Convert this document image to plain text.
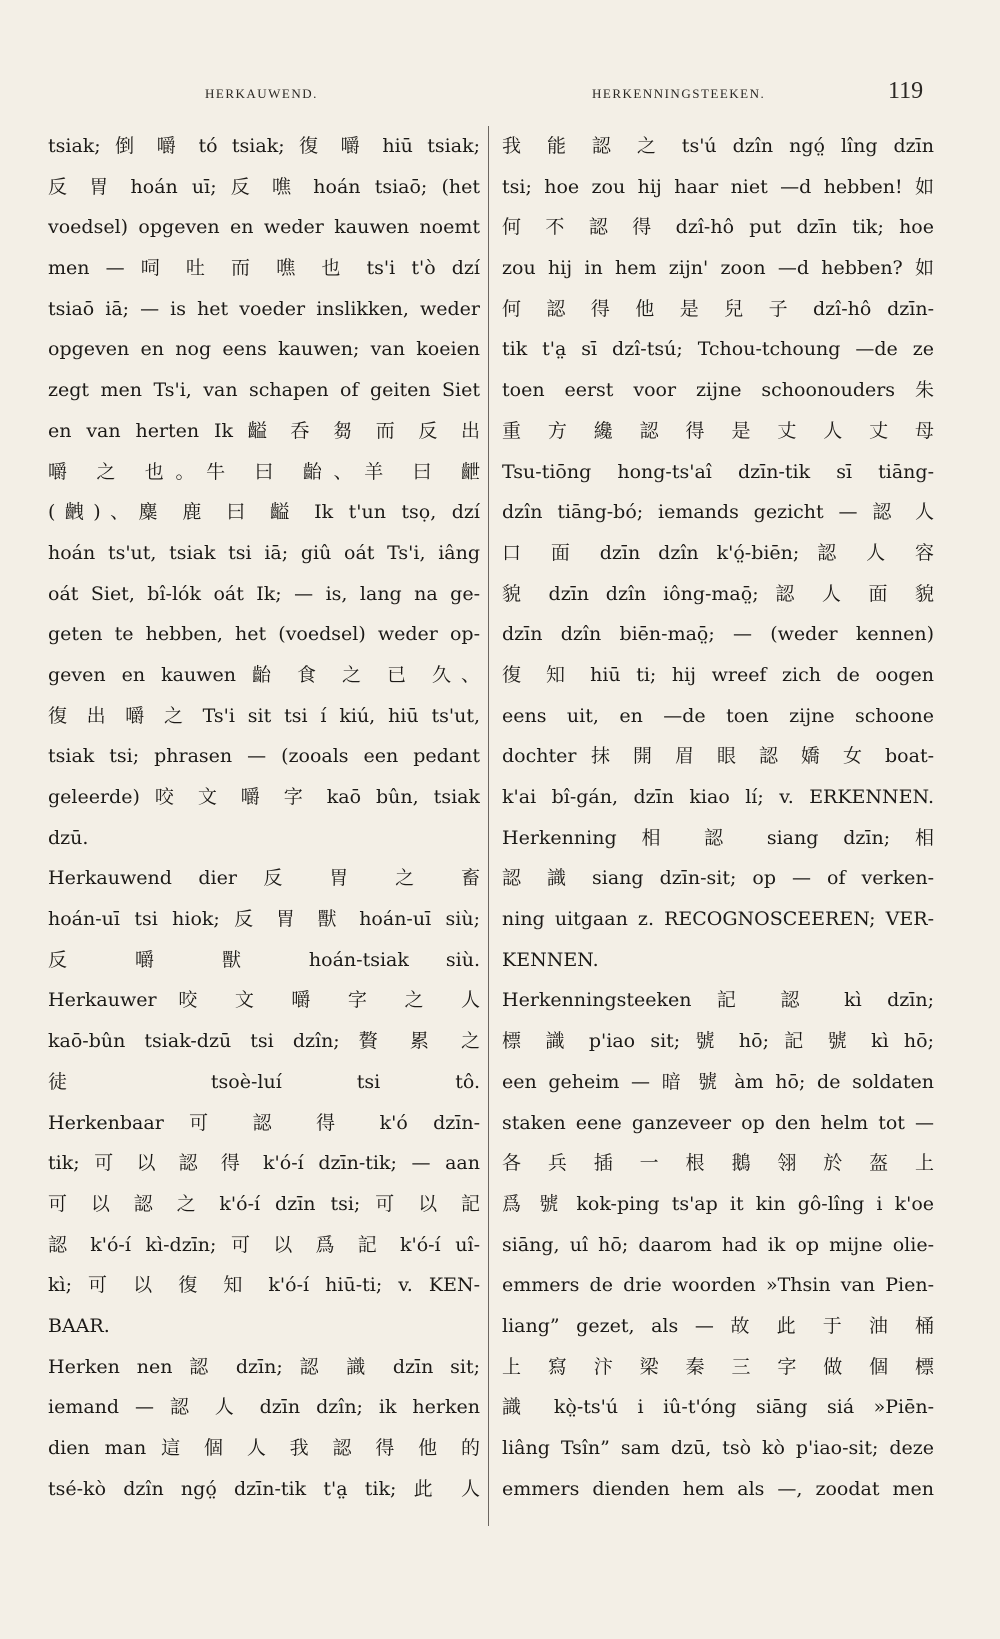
HERKAUWEND.	HERKENNINGSTEEKEN.	119
tsiak; 倒 嚼 tó tsiak; 復 嚼 hiū tsiak;
反 胃 hoán uī; 反 噍 hoán tsiaō; (het
voedsel) opgeven en weder kauwen noemt
men — 呞 吐 而 噍 也 ts'i t'ò dzí
tsiaō iā; — is het voeder inslikken, weder
opgeven en nog eens kauwen; van koeien
zegt men Ts'i, van schapen of geiten Siet
en van herten Ik 齸 呑 芻 而 反 出
嚼 之 也。牛 曰 齝、羊 曰 齛
(齥)、麋 鹿 曰 齸 Ik t'un tsọ, dzí
hoán ts'ut, tsiak tsi iā; giû oát Ts'i, iâng
oát Siet, bî-lók oát Ik; — is, lang na ge-
geten te hebben, het (voedsel) weder op-
geven en kauwen 齝 食 之 已 久、
復 出 嚼 之 Ts'i sit tsi í kiú, hiū ts'ut,
tsiak tsi; phrasen — (zooals een pedant
geleerde) 咬 文 嚼 字 kaō bûn, tsiak
dzū.
Herkauwend dier 反 胃 之 畜
hoán-uī tsi hiok; 反 胃 獸 hoán-uī siù;
反 嚼 獸 hoán-tsiak siù.
Herkauwer 咬 文 嚼 字 之 人
kaō-bûn tsiak-dzū tsi dzîn; 贅 累 之
徒 tsoè-luí tsi tô.
Herkenbaar 可 認 得 k'ó dzīn-
tik; 可 以 認 得 k'ó-í dzīn-tik; — aan
可 以 認 之 k'ó-í dzīn tsi; 可 以 記
認 k'ó-í kì-dzīn; 可 以 爲 記 k'ó-í uî-
kì; 可 以 復 知 k'ó-í hiū-ti; v. KEN-
BAAR.
Herken nen 認 dzīn; 認 識 dzīn sit;
iemand — 認 人 dzīn dzîn; ik herken
dien man 這 個 人 我 認 得 他 的
tsé-kò dzîn ngó̤ dzīn-tik t'a̤ tik; 此 人
我 能 認 之 ts'ú dzîn ngó̤ lîng dzīn
tsi; hoe zou hij haar niet —d hebben! 如
何 不 認 得 dzî-hô put dzīn tik; hoe
zou hij in hem zijn' zoon —d hebben? 如
何 認 得 他 是 兒 子 dzî-hô dzīn-
tik t'a̤ sī dzî-tsú; Tchou-tchoung —de ze
toen eerst voor zijne schoonouders 朱
重 方 纔 認 得 是 丈 人 丈 母
Tsu-tiōng hong-ts'aî dzīn-tik sī tiāng-
dzîn tiāng-bó; iemands gezicht — 認 人
口 面 dzīn dzîn k'ó̤-biēn; 認 人 容
貌 dzīn dzîn iông-maō̤; 認 人 面 貌
dzīn dzîn biēn-maō̤; — (weder kennen)
復 知 hiū ti; hij wreef zich de oogen
eens uit, en —de toen zijne schoone
dochter 抹 開 眉 眼 認 嬌 女 boat-
k'ai bî-gán, dzīn kiao lí; v. ERKENNEN.
Herkenning 相 認 siang dzīn; 相
認 識 siang dzīn-sit; op — of verken-
ning uitgaan z. RECOGNOSCEEREN; VER-
KENNEN.
Herkenningsteeken 記 認 kì dzīn;
標 識 p'iao sit; 號 hō; 記 號 kì hō;
een geheim — 暗 號 àm hō; de soldaten
staken eene ganzeveer op den helm tot —
各 兵 插 一 根 鵝 翎 於 盔 上
爲 號 kok-ping ts'ap it kin gô-lîng i k'oe
siāng, uî hō; daarom had ik op mijne olie-
emmers de drie woorden »Thsin van Pien-
liang” gezet, als — 故 此 于 油 桶
上 寫 汴 梁 秦 三 字 做 個 標
識 kò̤-ts'ú i iû-t'óng siāng siá »Piēn-
liâng Tsîn” sam dzū, tsò kò p'iao-sit; deze
emmers dienden hem als —, zoodat men
